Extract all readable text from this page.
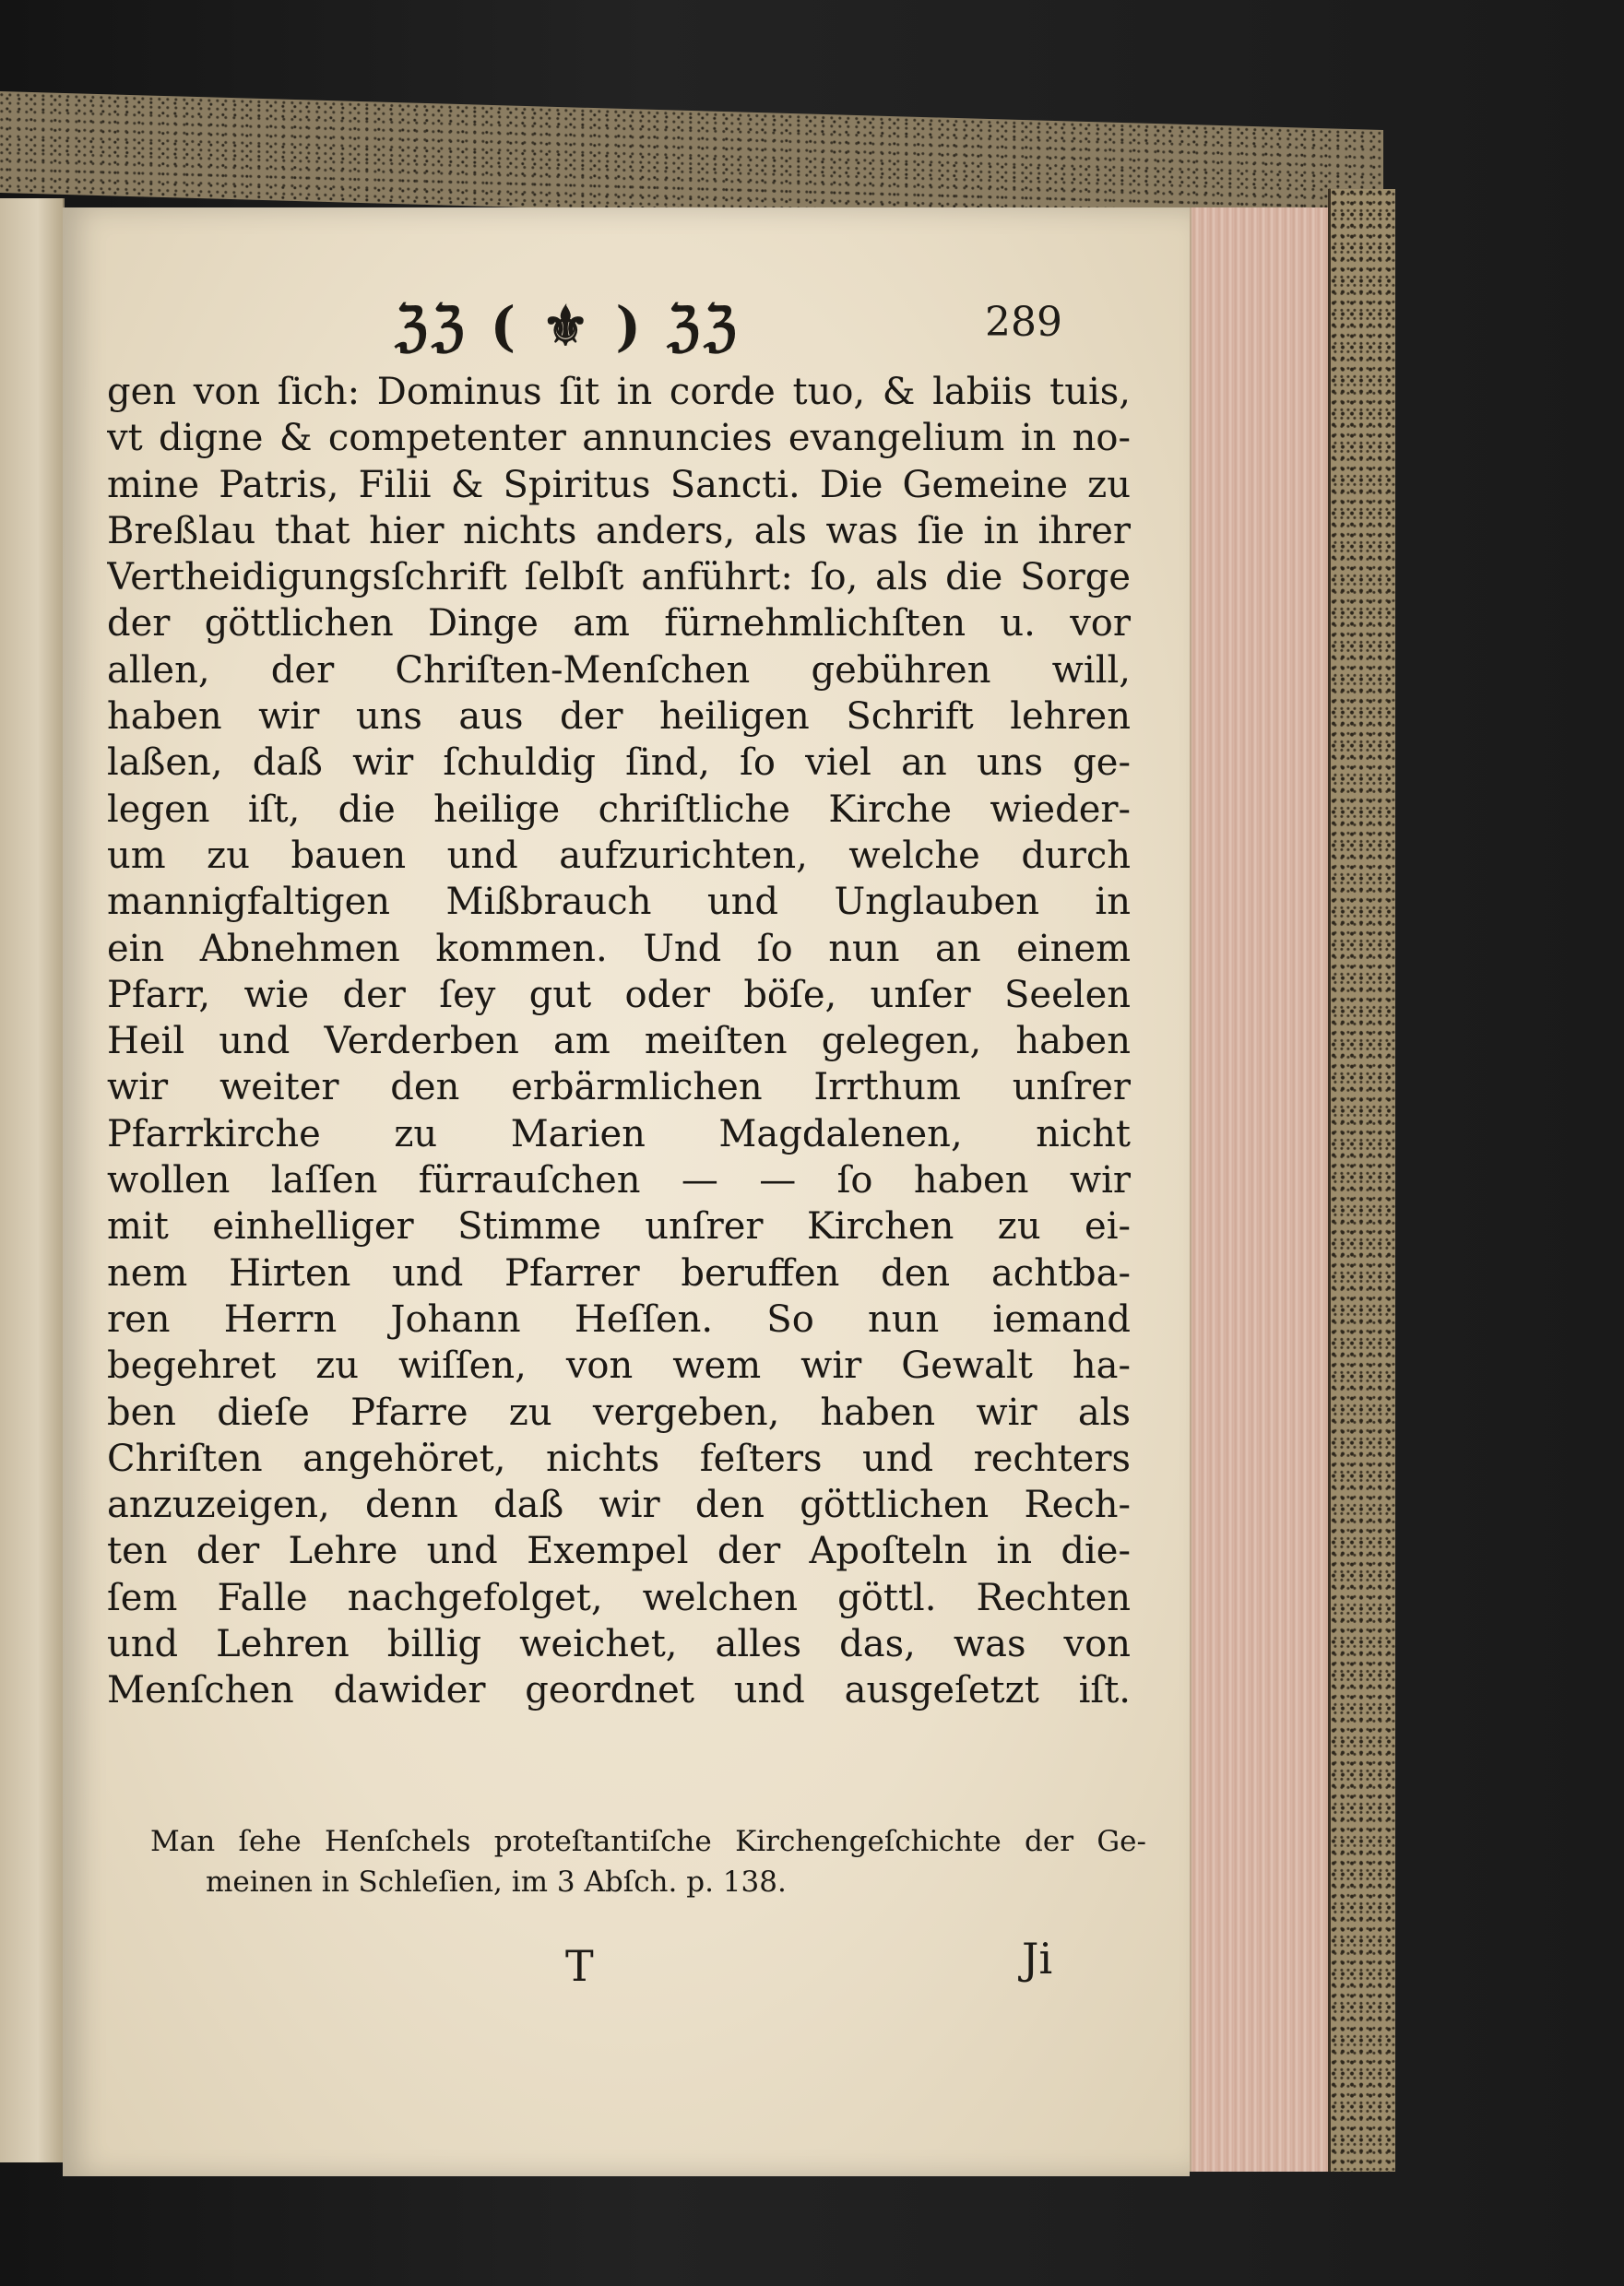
ℨℨ ( ⚜ ) ℨℨ	289
gen von ſich: Dominus ſit in corde tuo, & labiis tuis,
vt digne & competenter annuncies evangelium in no-
mine Patris, Filii & Spiritus Sancti. Die Gemeine zu
Breßlau that hier nichts anders, als was ſie in ihrer
Vertheidigungsſchrift ſelbſt anführt: ſo, als die Sorge
der göttlichen Dinge am fürnehmlichſten u. vor
allen, der Chriſten-Menſchen gebühren will,
haben wir uns aus der heiligen Schrift lehren
laßen, daß wir ſchuldig ſind, ſo viel an uns ge-
legen iſt, die heilige chriſtliche Kirche wieder-
um zu bauen und aufzurichten, welche durch
mannigfaltigen Mißbrauch und Unglauben in
ein Abnehmen kommen. Und ſo nun an einem
Pfarr, wie der ſey gut oder böſe, unſer Seelen
Heil und Verderben am meiſten gelegen, haben
wir weiter den erbärmlichen Irrthum unſrer
Pfarrkirche zu Marien Magdalenen, nicht
wollen laſſen fürrauſchen — — ſo haben wir
mit einhelliger Stimme unſrer Kirchen zu ei-
nem Hirten und Pfarrer beruffen den achtba-
ren Herrn Johann Heſſen. So nun iemand
begehret zu wiſſen, von wem wir Gewalt ha-
ben dieſe Pfarre zu vergeben, haben wir als
Chriſten angehöret, nichts feſters und rechters
anzuzeigen, denn daß wir den göttlichen Rech-
ten der Lehre und Exempel der Apoſteln in die-
ſem Falle nachgefolget, welchen göttl. Rechten
und Lehren billig weichet, alles das, was von
Menſchen dawider geordnet und ausgeſetzt iſt.
Man ſehe Henſchels proteſtantiſche Kirchengeſchichte der Ge-
meinen in Schleſien, im 3 Abſch. p. 138.
T	Ji
